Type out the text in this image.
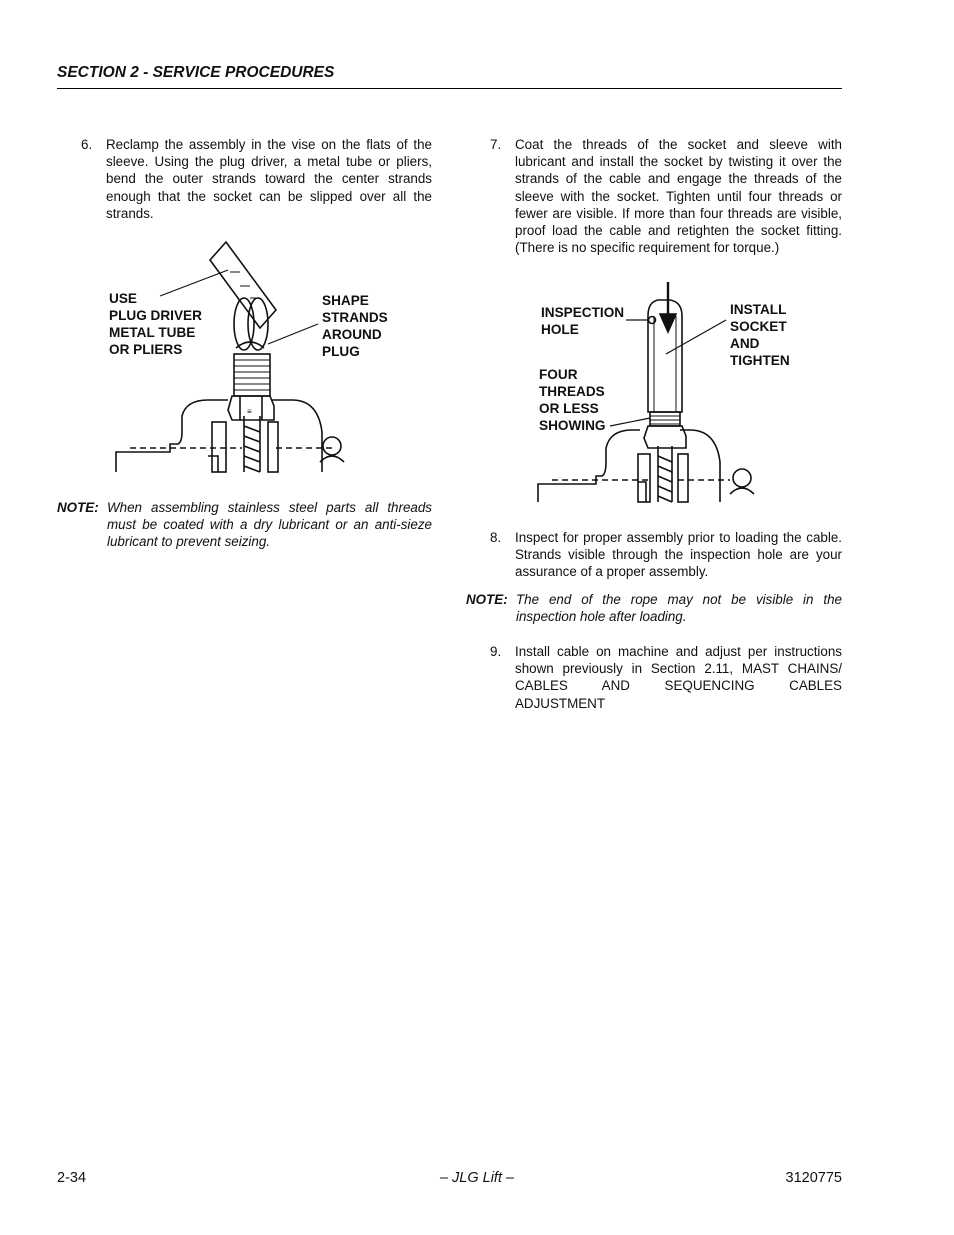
SECTION 2 - SERVICE PROCEDURES
6. Reclamp the assembly in the vise on the flats of the sleeve. Using the plug driver, a metal tube or pliers, bend the outer strands toward the center strands enough that the socket can be slipped over all the strands.
≡
USE
PLUG DRIVER
METAL TUBE
OR PLIERS
SHAPE
STRANDS
AROUND
PLUG
NOTE: When assembling stainless steel parts all threads must be coated with a dry lubricant or an anti-sieze lubricant to prevent seizing.
7. Coat the threads of the socket and sleeve with lubricant and install the socket by twisting it over the strands of the cable and engage the threads of the sleeve with the socket. Tighten until four threads or fewer are visible. If more than four threads are visible, proof load the cable and retighten the socket fitting. (There is no specific requirement for torque.)
INSPECTION
HOLE
INSTALL
SOCKET
AND
TIGHTEN
FOUR
THREADS
OR LESS
SHOWING
8. Inspect for proper assembly prior to loading the cable. Strands visible through the inspection hole are your assurance of a proper assembly.
NOTE: The end of the rope may not be visible in the inspection hole after loading.
9. Install cable on machine and adjust per instructions shown previously in Section 2.11, MAST CHAINS/ CABLES AND SEQUENCING CABLES ADJUSTMENT
2-34	– JLG Lift –	3120775
